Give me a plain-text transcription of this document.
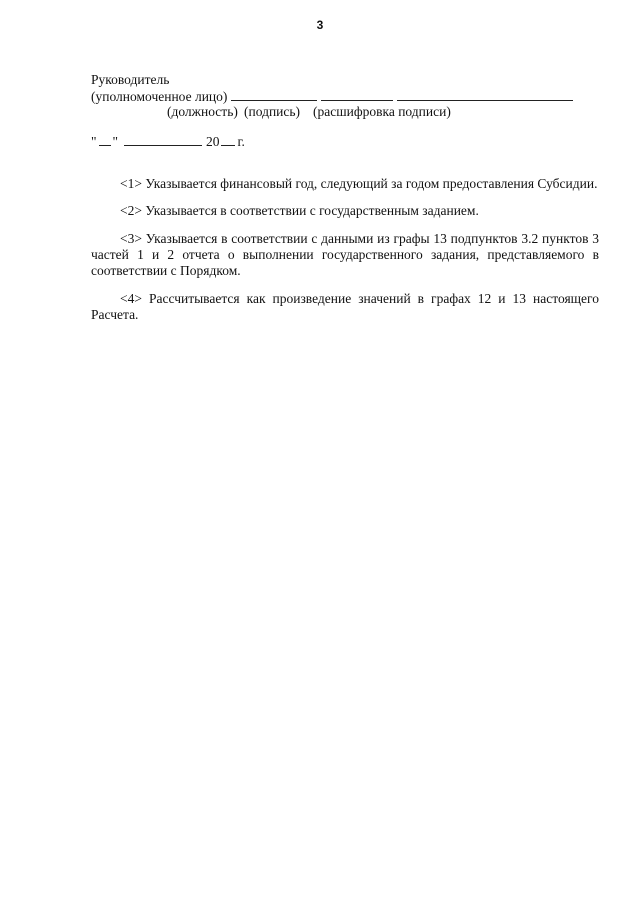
3
Руководитель
(уполномоченное лицо)
(должность) (подпись) (расшифровка подписи)
" "	20 г.

<1> Указывается финансовый год, следующий за годом предоставления Субсидии.

<2> Указывается в соответствии с государственным заданием.

<3> Указывается в соответствии с данными из графы 13 подпунктов 3.2 пунктов 3 частей 1 и 2 отчета о выполнении государственного задания, представляемого в соответствии с Порядком.

<4> Рассчитывается как произведение значений в графах 12 и 13 настоящего Расчета.
